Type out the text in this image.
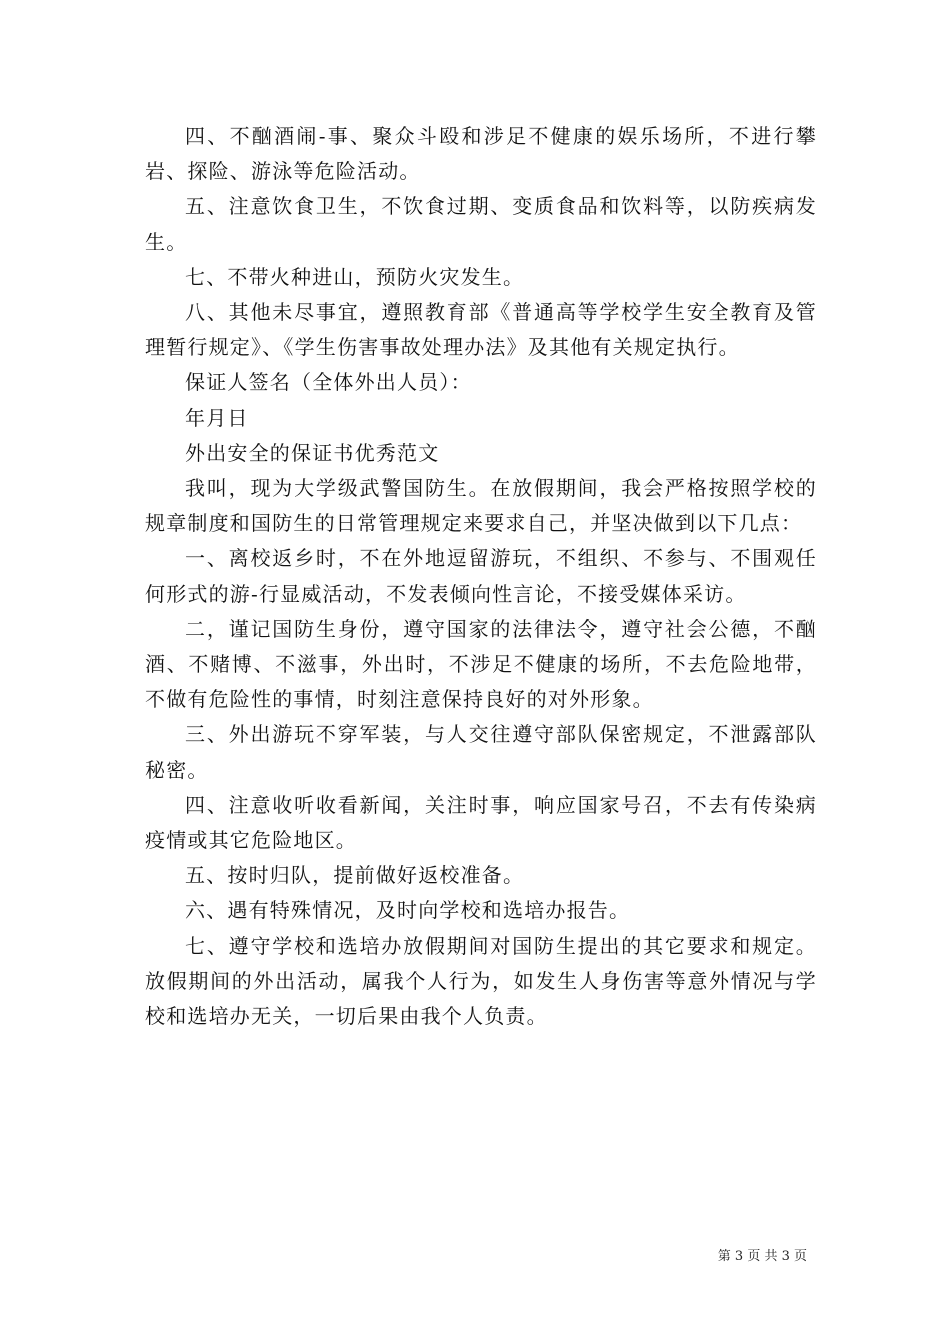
四、不酗酒闹-事、聚众斗殴和涉足不健康的娱乐场所，不进行攀岩、探险、游泳等危险活动。

五、注意饮食卫生，不饮食过期、变质食品和饮料等，以防疾病发生。

七、不带火种进山，预防火灾发生。

八、其他未尽事宜，遵照教育部《普通高等学校学生安全教育及管理暂行规定》、《学生伤害事故处理办法》及其他有关规定执行。

保证人签名（全体外出人员）：

年月日

外出安全的保证书优秀范文

我叫，现为大学级武警国防生。在放假期间，我会严格按照学校的规章制度和国防生的日常管理规定来要求自己，并坚决做到以下几点：

一、离校返乡时，不在外地逗留游玩，不组织、不参与、不围观任何形式的游-行显威活动，不发表倾向性言论，不接受媒体采访。

二，谨记国防生身份，遵守国家的法律法令，遵守社会公德，不酗酒、不赌博、不滋事，外出时，不涉足不健康的场所，不去危险地带，不做有危险性的事情，时刻注意保持良好的对外形象。

三、外出游玩不穿军装，与人交往遵守部队保密规定，不泄露部队秘密。

四、注意收听收看新闻，关注时事，响应国家号召，不去有传染病疫情或其它危险地区。

五、按时归队，提前做好返校准备。

六、遇有特殊情况，及时向学校和选培办报告。

七、遵守学校和选培办放假期间对国防生提出的其它要求和规定。放假期间的外出活动，属我个人行为，如发生人身伤害等意外情况与学校和选培办无关，一切后果由我个人负责。

第 3 页 共 3 页
